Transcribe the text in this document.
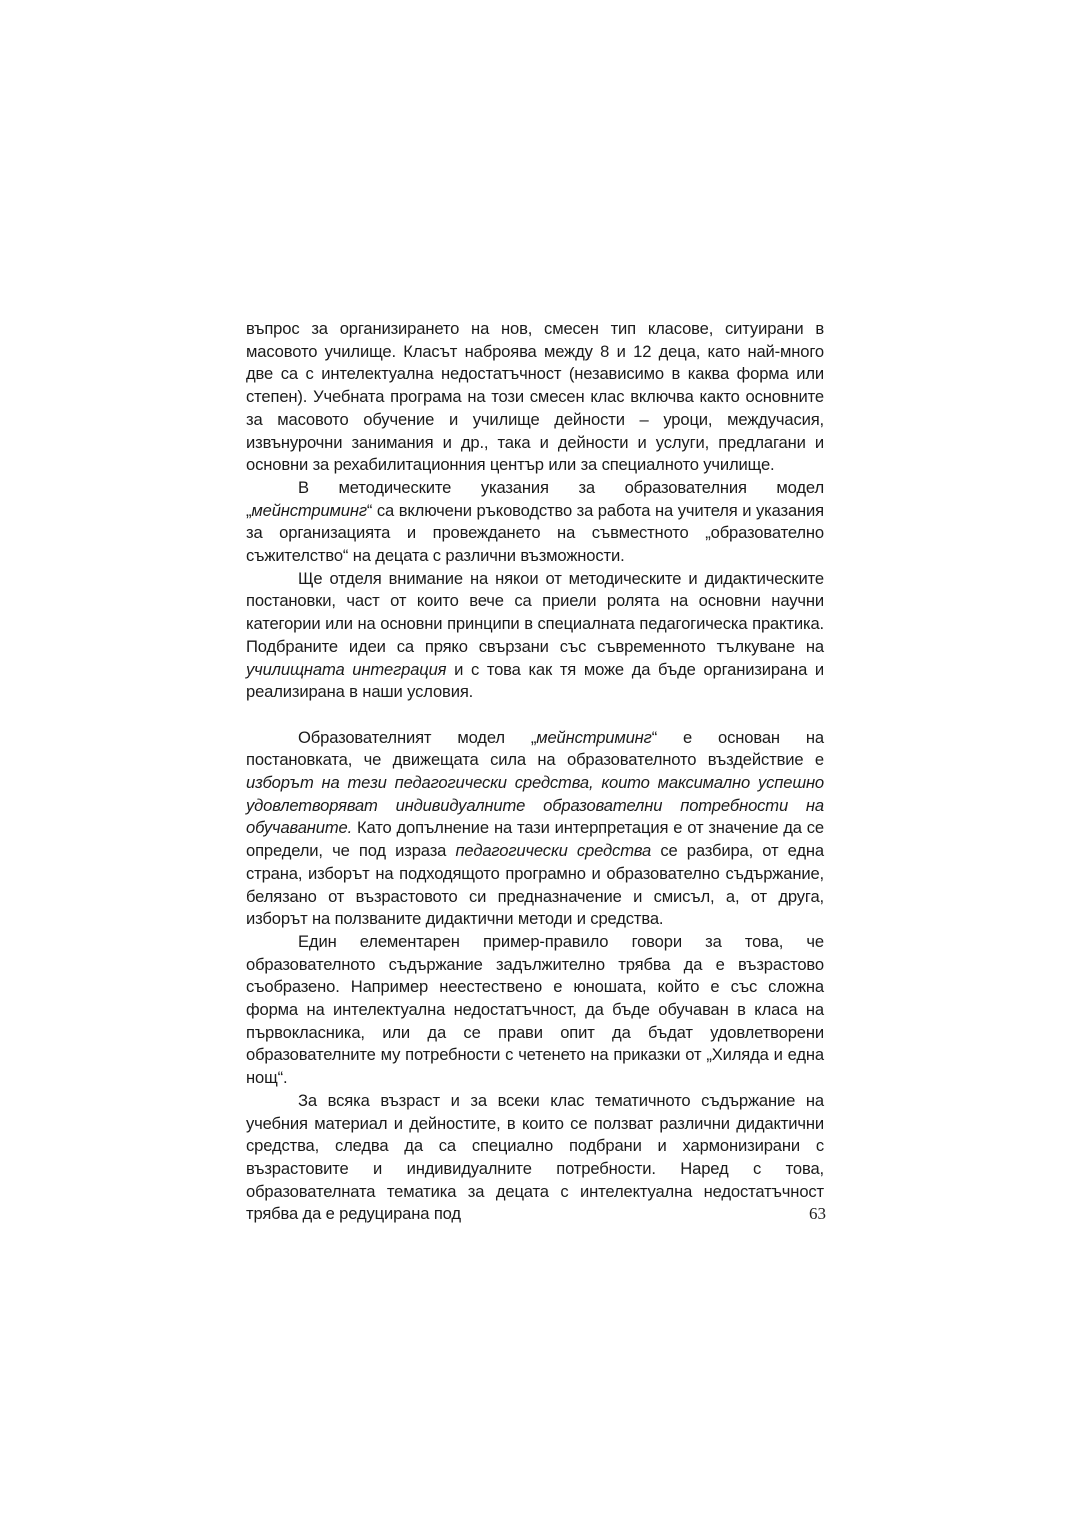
въпрос за организирането на нов, смесен тип класове, ситуирани в масовото училище. Класът наброява между 8 и 12 деца, като най-много две са с интелектуална недостатъчност (независимо в каква форма или степен). Учебната програма на този смесен клас включва както основните за масовото обучение и училище дейности – уроци, междучасия, извънурочни занимания и др., така и дейности и услуги, предлагани и основни за рехабилитационния център или за специалното училище.

В методическите указания за образователния модел „мейнстриминг“ са включени ръководство за работа на учителя и указания за организацията и провеждането на съвместното „образователно съжителство“ на децата с различни възможности.

Ще отделя внимание на някои от методическите и дидактическите постановки, част от които вече са приели ролята на основни научни категории или на основни принципи в специалната педагогическа практика. Подбраните идеи са пряко свързани със съвременното тълкуване на училищната интеграция и с това как тя може да бъде организирана и реализирана в наши условия.

Образователният модел „мейнстриминг“ е основан на постановката, че движещата сила на образователното въздействие е изборът на тези педагогически средства, които максимално успешно удовлетворяват индивидуалните образователни потребности на обучаваните. Като допълнение на тази интерпретация е от значение да се определи, че под израза педагогически средства се разбира, от една страна, изборът на подходящото програмно и образователно съдържание, белязано от възрастовото си предназначение и смисъл, а, от друга, изборът на ползваните дидактични методи и средства.

Един елементарен пример-правило говори за това, че образователното съдържание задължително трябва да е възрастово съобразено. Например неестествено е юношата, който е със сложна форма на интелектуална недостатъчност, да бъде обучаван в класа на първокласника, или да се прави опит да бъдат удовлетворени образователните му потребности с четенето на приказки от „Хиляда и една нощ“.

За всяка възраст и за всеки клас тематичното съдържание на учебния материал и дейностите, в които се ползват различни дидактични средства, следва да са специално подбрани и хармонизирани с възрастовите и индивидуалните потребности. Наред с това, образователната тематика за децата с интелектуална недостатъчност трябва да е редуцирана под	63
